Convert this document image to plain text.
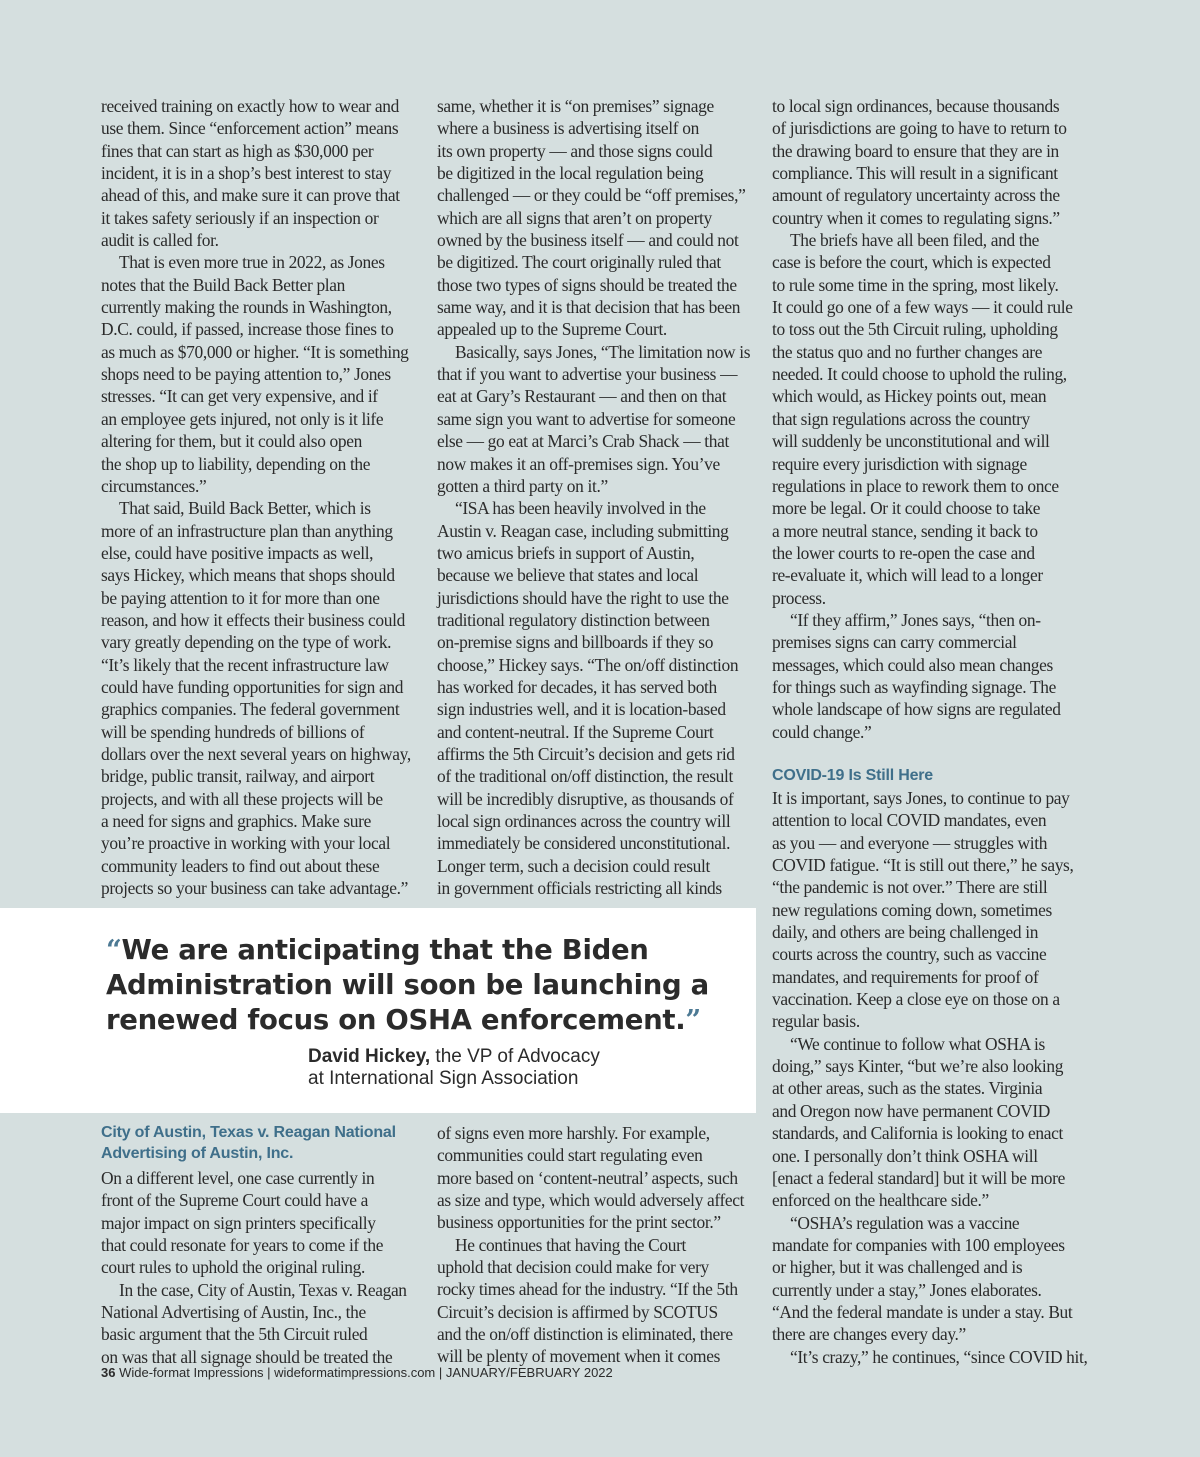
received training on exactly how to wear and

use them. Since “enforcement action” means

fines that can start as high as $30,000 per

incident, it is in a shop’s best interest to stay

ahead of this, and make sure it can prove that

it takes safety seriously if an inspection or

audit is called for.

That is even more true in 2022, as Jones

notes that the Build Back Better plan

currently making the rounds in Washington,

D.C. could, if passed, increase those fines to

as much as $70,000 or higher. “It is something

shops need to be paying attention to,” Jones

stresses. “It can get very expensive, and if

an employee gets injured, not only is it life

altering for them, but it could also open

the shop up to liability, depending on the

circumstances.”

That said, Build Back Better, which is

more of an infrastructure plan than anything

else, could have positive impacts as well,

says Hickey, which means that shops should

be paying attention to it for more than one

reason, and how it effects their business could

vary greatly depending on the type of work.

“It’s likely that the recent infrastructure law

could have funding opportunities for sign and

graphics companies. The federal government

will be spending hundreds of billions of

dollars over the next several years on highway,

bridge, public transit, railway, and airport

projects, and with all these projects will be

a need for signs and graphics. Make sure

you’re proactive in working with your local

community leaders to find out about these

projects so your business can take advantage.”

same, whether it is “on premises” signage

where a business is advertising itself on

its own property — and those signs could

be digitized in the local regulation being

challenged — or they could be “off premises,”

which are all signs that aren’t on property

owned by the business itself — and could not

be digitized. The court originally ruled that

those two types of signs should be treated the

same way, and it is that decision that has been

appealed up to the Supreme Court.

Basically, says Jones, “The limitation now is

that if you want to advertise your business —

eat at Gary’s Restaurant — and then on that

same sign you want to advertise for someone

else — go eat at Marci’s Crab Shack — that

now makes it an off-premises sign. You’ve

gotten a third party on it.”

“ISA has been heavily involved in the

Austin v. Reagan case, including submitting

two amicus briefs in support of Austin,

because we believe that states and local

jurisdictions should have the right to use the

traditional regulatory distinction between

on-premise signs and billboards if they so

choose,” Hickey says. “The on/off distinction

has worked for decades, it has served both

sign industries well, and it is location-based

and content-neutral. If the Supreme Court

affirms the 5th Circuit’s decision and gets rid

of the traditional on/off distinction, the result

will be incredibly disruptive, as thousands of

local sign ordinances across the country will

immediately be considered unconstitutional.

Longer term, such a decision could result

in government officials restricting all kinds

to local sign ordinances, because thousands

of jurisdictions are going to have to return to

the drawing board to ensure that they are in

compliance. This will result in a significant

amount of regulatory uncertainty across the

country when it comes to regulating signs.”

The briefs have all been filed, and the

case is before the court, which is expected

to rule some time in the spring, most likely.

It could go one of a few ways — it could rule

to toss out the 5th Circuit ruling, upholding

the status quo and no further changes are

needed. It could choose to uphold the ruling,

which would, as Hickey points out, mean

that sign regulations across the country

will suddenly be unconstitutional and will

require every jurisdiction with signage

regulations in place to rework them to once

more be legal. Or it could choose to take

a more neutral stance, sending it back to

the lower courts to re-open the case and

re-evaluate it, which will lead to a longer

process.

“If they affirm,” Jones says, “then on-

premises signs can carry commercial

messages, which could also mean changes

for things such as wayfinding signage. The

whole landscape of how signs are regulated

could change.”

It is important, says Jones, to continue to pay

attention to local COVID mandates, even

as you — and everyone — struggles with

COVID fatigue. “It is still out there,” he says,

“the pandemic is not over.” There are still

new regulations coming down, sometimes

daily, and others are being challenged in

courts across the country, such as vaccine

mandates, and requirements for proof of

vaccination. Keep a close eye on those on a

regular basis.

“We continue to follow what OSHA is

doing,” says Kinter, “but we’re also looking

at other areas, such as the states. Virginia

and Oregon now have permanent COVID

standards, and California is looking to enact

one. I personally don’t think OSHA will

[enact a federal standard] but it will be more

enforced on the healthcare side.”

“OSHA’s regulation was a vaccine

mandate for companies with 100 employees

or higher, but it was challenged and is

currently under a stay,” Jones elaborates.

“And the federal mandate is under a stay. But

there are changes every day.”

“It’s crazy,” he continues, “since COVID hit,

COVID-19 Is Still Here
“We are anticipating that the Biden
Administration will soon be launching a
renewed focus on OSHA enforcement.”
David Hickey, the VP of Advocacy
at International Sign Association
City of Austin, Texas v. Reagan National
Advertising of Austin, Inc.

On a different level, one case currently in

front of the Supreme Court could have a

major impact on sign printers specifically

that could resonate for years to come if the

court rules to uphold the original ruling.

In the case, City of Austin, Texas v. Reagan

National Advertising of Austin, Inc., the

basic argument that the 5th Circuit ruled

on was that all signage should be treated the

of signs even more harshly. For example,

communities could start regulating even

more based on ‘content-neutral’ aspects, such

as size and type, which would adversely affect

business opportunities for the print sector.”

He continues that having the Court

uphold that decision could make for very

rocky times ahead for the industry. “If the 5th

Circuit’s decision is affirmed by SCOTUS

and the on/off distinction is eliminated, there

will be plenty of movement when it comes

36 Wide-format Impressions | wideformatimpressions.com | JANUARY/FEBRUARY 2022
